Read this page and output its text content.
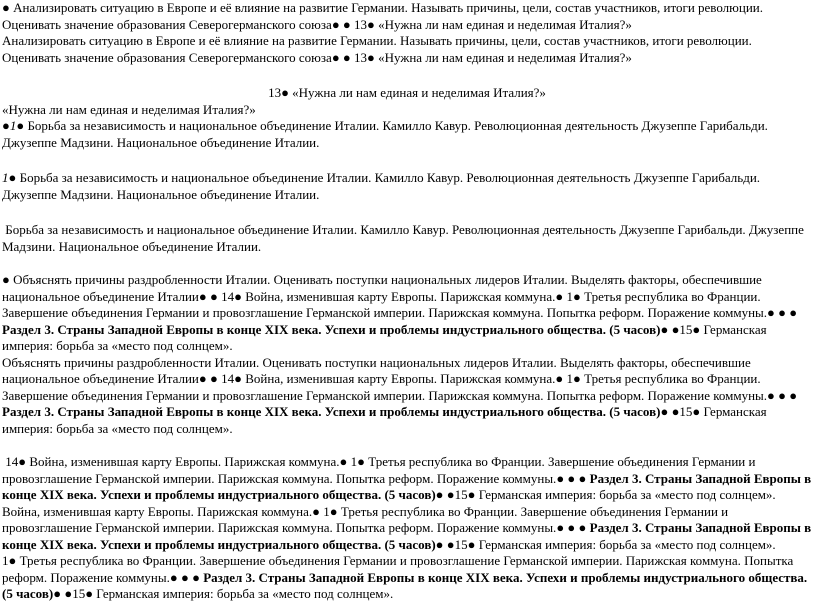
● Анализировать ситуацию в Европе и её влияние на развитие Германии. Называть причины, цели, состав участников, итоги революции. Оценивать значение образования Северогерманского союза● ● 13● «Нужна ли нам единая и неделимая Италия?»

Анализировать ситуацию в Европе и её влияние на развитие Германии. Называть причины, цели, состав участников, итоги революции. Оценивать значение образования Северогерманского союза● ● 13● «Нужна ли нам единая и неделимая Италия?»

13● «Нужна ли нам единая и неделимая Италия?»

«Нужна ли нам единая и неделимая Италия?»

●1● Борьба за независимость и национальное объединение Италии. Камилло Кавур. Революционная деятельность Джузеппе Гарибальди. Джузеппе Мадзини. Национальное объединение Италии.

1● Борьба за независимость и национальное объединение Италии. Камилло Кавур. Революционная деятельность Джузеппе Гарибальди. Джузеппе Мадзини. Национальное объединение Италии.

Борьба за независимость и национальное объединение Италии. Камилло Кавур. Революционная деятельность Джузеппе Гарибальди. Джузеппе Мадзини. Национальное объединение Италии.

● Объяснять причины раздробленности Италии. Оценивать поступки национальных лидеров Италии. Выделять факторы, обеспечившие национальное объединение Италии● ● 14● Война, изменившая карту Европы. Парижская коммуна.● 1● Третья республика во Франции. Завершение объединения Германии и провозглашение Германской империи. Парижская коммуна. Попытка реформ. Поражение коммуны.● ● ● Раздел 3. Страны Западной Европы в конце XIX века. Успехи и проблемы индустриального общества. (5 часов)● ●15● Германская империя: борьба за «место под солнцем».

Объяснять причины раздробленности Италии. Оценивать поступки национальных лидеров Италии. Выделять факторы, обеспечившие национальное объединение Италии● ● 14● Война, изменившая карту Европы. Парижская коммуна.● 1● Третья республика во Франции. Завершение объединения Германии и провозглашение Германской империи. Парижская коммуна. Попытка реформ. Поражение коммуны.● ● ● Раздел 3. Страны Западной Европы в конце XIX века. Успехи и проблемы индустриального общества. (5 часов)● ●15● Германская империя: борьба за «место под солнцем».

14● Война, изменившая карту Европы. Парижская коммуна.● 1● Третья республика во Франции. Завершение объединения Германии и провозглашение Германской империи. Парижская коммуна. Попытка реформ. Поражение коммуны.● ● ● Раздел 3. Страны Западной Европы в конце XIX века. Успехи и проблемы индустриального общества. (5 часов)● ●15● Германская империя: борьба за «место под солнцем».

Война, изменившая карту Европы. Парижская коммуна.● 1● Третья республика во Франции. Завершение объединения Германии и провозглашение Германской империи. Парижская коммуна. Попытка реформ. Поражение коммуны.● ● ● Раздел 3. Страны Западной Европы в конце XIX века. Успехи и проблемы индустриального общества. (5 часов)● ●15● Германская империя: борьба за «место под солнцем».

1● Третья республика во Франции. Завершение объединения Германии и провозглашение Германской империи. Парижская коммуна. Попытка реформ. Поражение коммуны.● ● ● Раздел 3. Страны Западной Европы в конце XIX века. Успехи и проблемы индустриального общества. (5 часов)● ●15● Германская империя: борьба за «место под солнцем».
